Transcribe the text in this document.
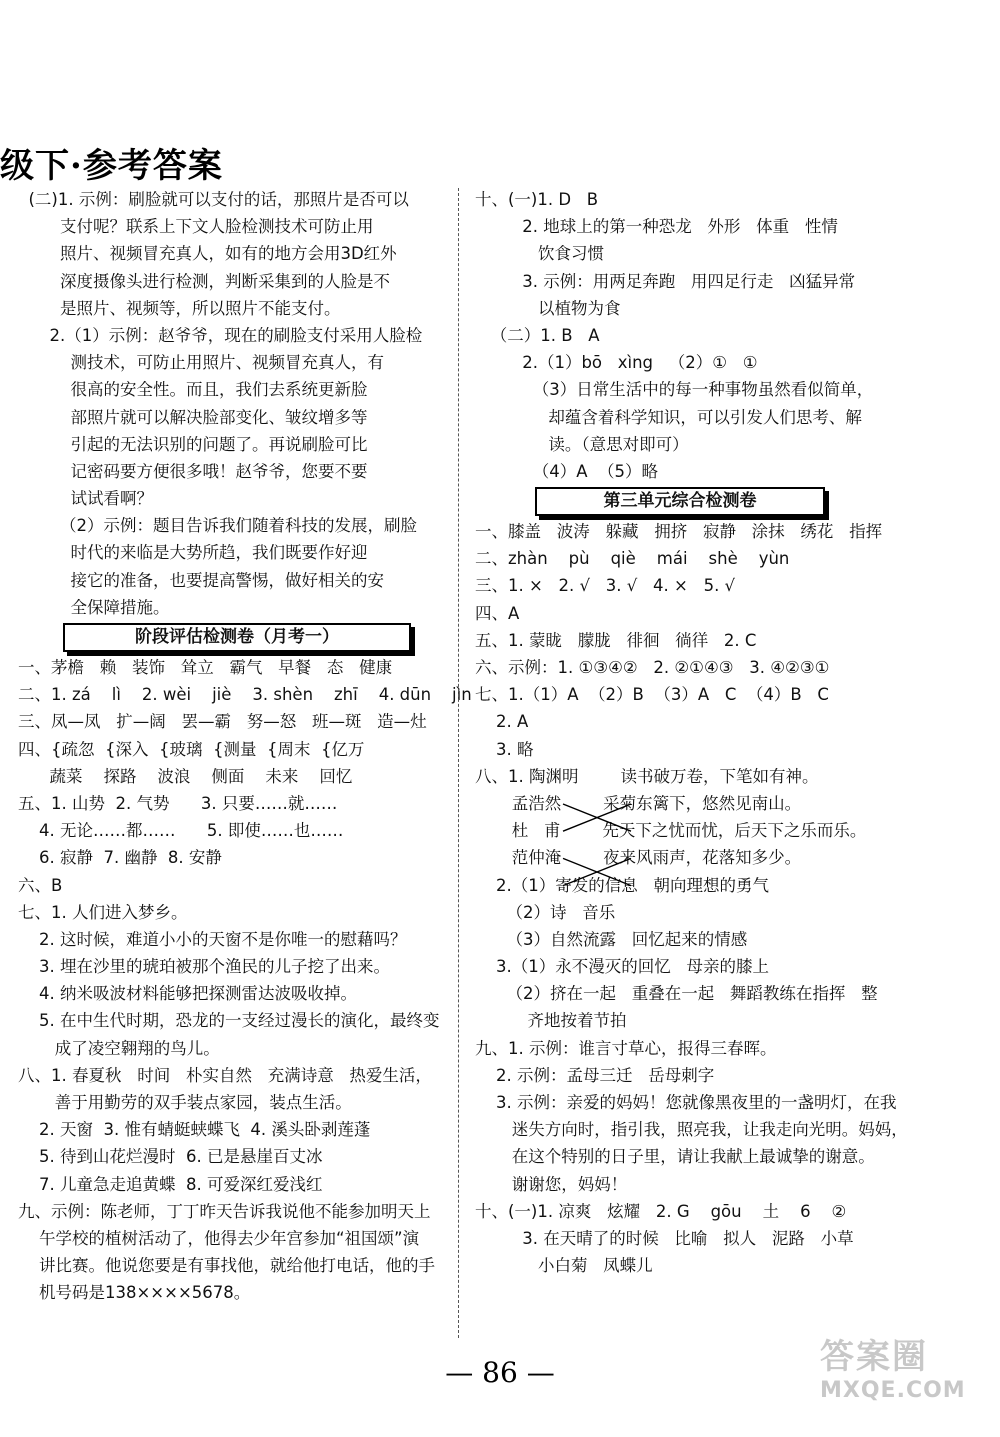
级下·参考答案
(二)1. 示例：刷脸就可以支付的话，那照片是否可以
支付呢？联系上下文人脸检测技术可防止用
照片、视频冒充真人，如有的地方会用3D红外
深度摄像头进行检测，判断采集到的人脸是不
是照片、视频等，所以照片不能支付。
2.（1）示例：赵爷爷，现在的刷脸支付采用人脸检
测技术，可防止用照片、视频冒充真人，有
很高的安全性。而且，我们去系统更新脸
部照片就可以解决脸部变化、皱纹增多等
引起的无法识别的问题了。再说刷脸可比
记密码要方便很多哦！赵爷爷，您要不要
试试看啊？
（2）示例：题目告诉我们随着科技的发展，刷脸
时代的来临是大势所趋，我们既要作好迎
接它的准备，也要提高警惕，做好相关的安
全保障措施。
阶段评估检测卷（月考一）
一、茅檐   赖   装饰   耸立   霸气   早餐   态   健康
二、1. zá    lì    2. wèi    jiè    3. shèn    zhī    4. dūn    jìn
三、凤—凤   扩—阔   罢—霸   努—怒   班—斑   造—灶
四、{疏忽  {深入  {玻璃  {测量  {周末  {亿万
蔬菜    探路    波浪    侧面    未来    回忆
五、1. 山势  2. 气势      3. 只要……就……
4. 无论……都……      5. 即使……也……
6. 寂静  7. 幽静  8. 安静
六、B
七、1. 人们进入梦乡。
2. 这时候，难道小小的天窗不是你唯一的慰藉吗？
3. 埋在沙里的琥珀被那个渔民的儿子挖了出来。
4. 纳米吸波材料能够把探测雷达波吸收掉。
5. 在中生代时期，恐龙的一支经过漫长的演化，最终变
成了凌空翱翔的鸟儿。
八、1. 春夏秋   时间   朴实自然   充满诗意   热爱生活，
善于用勤劳的双手装点家园，装点生活。
2. 天窗  3. 惟有蜻蜓蛱蝶飞  4. 溪头卧剥莲蓬
5. 待到山花烂漫时  6. 已是悬崖百丈冰
7. 儿童急走追黄蝶  8. 可爱深红爱浅红
九、示例：陈老师，丁丁昨天告诉我说他不能参加明天上
午学校的植树活动了，他得去少年宫参加“祖国颂”演
讲比赛。他说您要是有事找他，就给他打电话，他的手
机号码是138××××5678。
十、(一)1. D   B
2. 地球上的第一种恐龙   外形   体重   性情
饮食习惯
3. 示例：用两足奔跑   用四足行走   凶猛异常
以植物为食
（二）1. B   A
2.（1）bō   xìng   （2）①   ①
（3）日常生活中的每一种事物虽然看似简单，
却蕴含着科学知识，可以引发人们思考、解
读。（意思对即可）
（4）A  （5）略
第三单元综合检测卷
一、膝盖   波涛   躲藏   拥挤   寂静   涂抹   绣花   指挥
二、zhàn    pù    qiè    mái    shè    yùn
三、1. ×   2. √   3. √   4. ×   5. √
四、A
五、1. 蒙眬   朦胧   徘徊   徜徉   2. C
六、示例：1. ①③④②   2. ②①④③   3. ④②③①
七、1.（1）A  （2）B  （3）A   C  （4）B   C
2. A
3. 略
八、1. 陶渊明        读书破万卷，下笔如有神。
孟浩然        采菊东篱下，悠然见南山。
杜   甫        先天下之忧而忧，后天下之乐而乐。
范仲淹        夜来风雨声，花落知多少。
2.（1）寄发的信息   朝向理想的勇气
（2）诗   音乐
（3）自然流露   回忆起来的情感
3.（1）永不漫灭的回忆   母亲的膝上
（2）挤在一起   重叠在一起   舞蹈教练在指挥   整
齐地按着节拍
九、1. 示例：谁言寸草心，报得三春晖。
2. 示例：孟母三迁   岳母刺字
3. 示例：亲爱的妈妈！您就像黑夜里的一盏明灯，在我
迷失方向时，指引我，照亮我，让我走向光明。妈妈，
在这个特别的日子里，请让我献上最诚挚的谢意。
谢谢您，妈妈！
十、(一)1. 凉爽   炫耀   2. G    gōu    土    6    ②
3. 在天晴了的时候   比喻   拟人   泥路   小草
小白菊   凤蝶儿
— 86 —	答案圈
MXQE.COM
